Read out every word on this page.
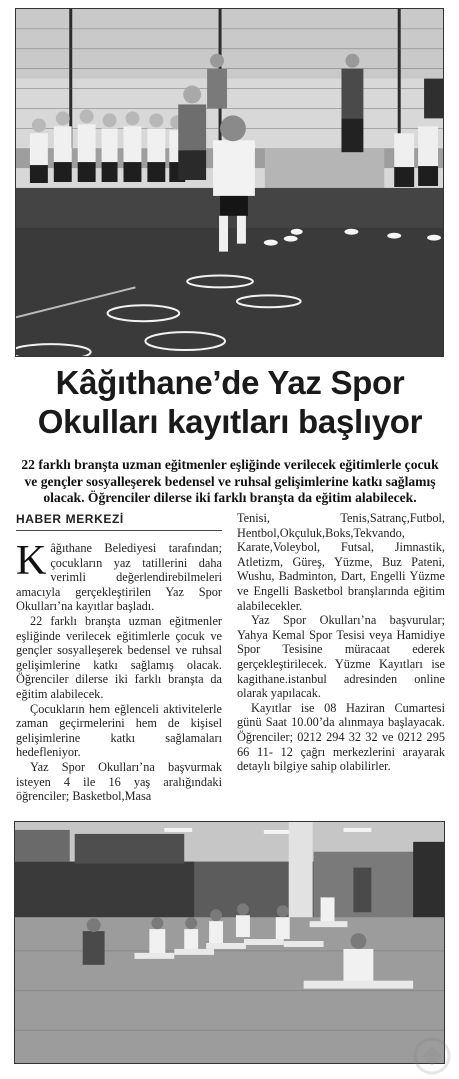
Kâğıthane’de Yaz Spor
Okulları kayıtları başlıyor
22 farklı branşta uzman eğitmenler eşliğinde verilecek eğitimlerle çocuk ve gençler sosyalleşerek bedensel ve ruhsal gelişimlerine katkı sağlamış olacak. Öğrenciler dilerse iki farklı branşta da eğitim alabilecek.
HABER MERKEZİ

Kâğıthane Belediyesi tarafından; çocukların yaz tatillerini daha verimli değerlendirebilmeleri amacıyla gerçekleştirilen Yaz Spor Okulları’na kayıtlar başladı.

22 farklı branşta uzman eğitmenler eşliğinde verilecek eğitimlerle çocuk ve gençler sosyalleşerek bedensel ve ruhsal gelişimlerine katkı sağlamış olacak. Öğrenciler dilerse iki farklı branşta da eğitim alabilecek.

Çocukların hem eğlenceli aktivitelerle zaman geçirmelerini hem de kişisel gelişimlerine katkı sağlamaları hedefleniyor.

Yaz Spor Okulları’na başvurmak isteyen 4 ile 16 yaş aralığındaki öğrenciler; Basketbol,Masa

Tenisi, Tenis,Satranç,Futbol, Hentbol,Okçuluk,Boks,Tekvando, Karate,Voleybol, Futsal, Jimnastik, Atletizm, Güreş, Yüzme, Buz Pateni, Wushu, Badminton, Dart, Engelli Yüzme ve Engelli Basketbol branşlarında eğitim alabilecekler.

Yaz Spor Okulları’na başvurular; Yahya Kemal Spor Tesisi veya Hamidiye Spor Tesisine müracaat ederek gerçekleştirilecek. Yüzme Kayıtları ise kagithane.istanbul adresinden online olarak yapılacak.

Kayıtlar ise 08 Haziran Cumartesi günü Saat 10.00’da alınmaya başlayacak. Öğrenciler; 0212 294 32 32 ve 0212 295 66 11- 12 çağrı merkezlerini arayarak detaylı bilgiye sahip olabilirler.
